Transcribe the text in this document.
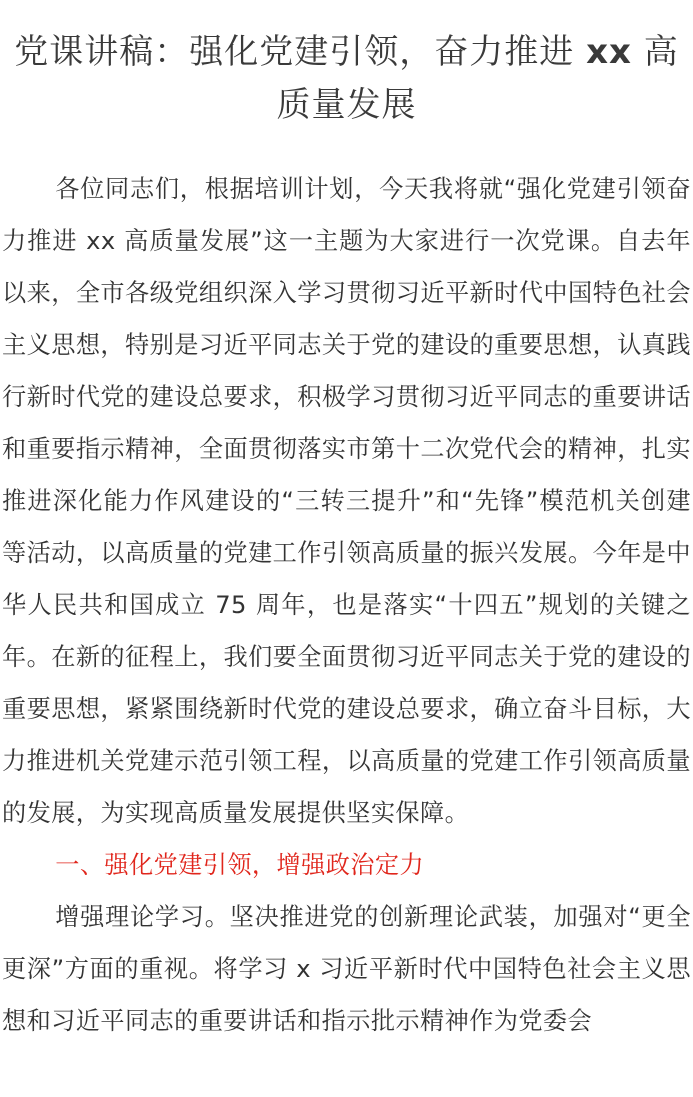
党课讲稿：强化党建引领，奋力推进 xx 高质量发展

各位同志们，根据培训计划，今天我将就“强化党建引领奋力推进 xx 高质量发展”这一主题为大家进行一次党课。自去年以来，全市各级党组织深入学习贯彻习近平新时代中国特色社会主义思想，特别是习近平同志关于党的建设的重要思想，认真践行新时代党的建设总要求，积极学习贯彻习近平同志的重要讲话和重要指示精神，全面贯彻落实市第十二次党代会的精神，扎实推进深化能力作风建设的“三转三提升”和“先锋”模范机关创建等活动，以高质量的党建工作引领高质量的振兴发展。今年是中华人民共和国成立 75 周年，也是落实“十四五”规划的关键之年。在新的征程上，我们要全面贯彻习近平同志关于党的建设的重要思想，紧紧围绕新时代党的建设总要求，确立奋斗目标，大力推进机关党建示范引领工程，以高质量的党建工作引领高质量的发展，为实现高质量发展提供坚实保障。

一、强化党建引领，增强政治定力

增强理论学习。坚决推进党的创新理论武装，加强对“更全更深”方面的重视。将学习 x 习近平新时代中国特色社会主义思想和习近平同志的重要讲话和指示批示精神作为党委会
